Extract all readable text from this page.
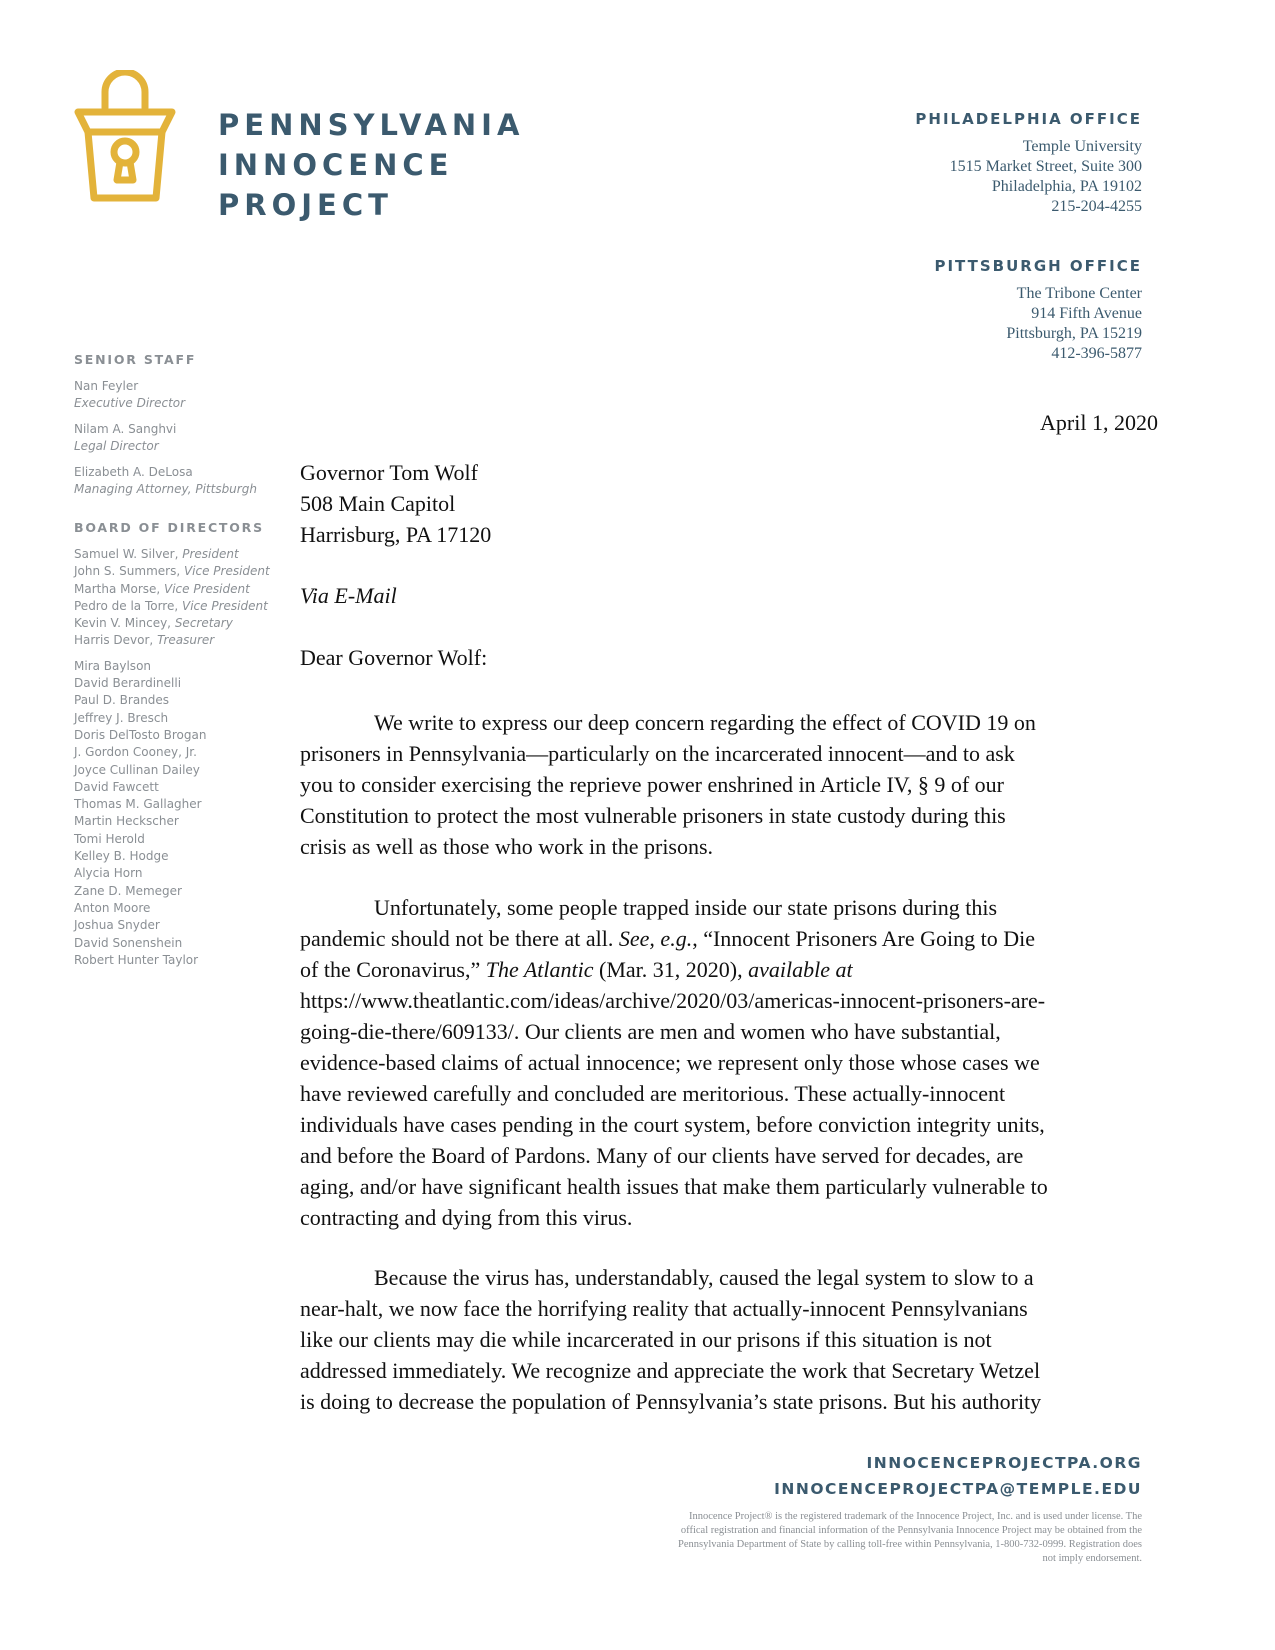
PENNSYLVANIA
INNOCENCE
PROJECT
PHILADELPHIA OFFICE
Temple University
1515 Market Street, Suite 300
Philadelphia, PA 19102
215-204-4255
PITTSBURGH OFFICE
The Tribone Center
914 Fifth Avenue
Pittsburgh, PA 15219
412-396-5877
SENIOR STAFF
Nan Feyler
Executive Director
Nilam A. Sanghvi
Legal Director
Elizabeth A. DeLosa
Managing Attorney, Pittsburgh
BOARD OF DIRECTORS
Samuel W. Silver, President
John S. Summers, Vice President
Martha Morse, Vice President
Pedro de la Torre, Vice President
Kevin V. Mincey, Secretary
Harris Devor, Treasurer
Mira Baylson
David Berardinelli
Paul D. Brandes
Jeffrey J. Bresch
Doris DelTosto Brogan
J. Gordon Cooney, Jr.
Joyce Cullinan Dailey
David Fawcett
Thomas M. Gallagher
Martin Heckscher
Tomi Herold
Kelley B. Hodge
Alycia Horn
Zane D. Memeger
Anton Moore
Joshua Snyder
David Sonenshein
Robert Hunter Taylor
April 1, 2020
Governor Tom Wolf
508 Main Capitol
Harrisburg, PA 17120
Via E-Mail
Dear Governor Wolf:
We write to express our deep concern regarding the effect of COVID 19 on
prisoners in Pennsylvania—particularly on the incarcerated innocent—and to ask
you to consider exercising the reprieve power enshrined in Article IV, § 9 of our
Constitution to protect the most vulnerable prisoners in state custody during this
crisis as well as those who work in the prisons.
Unfortunately, some people trapped inside our state prisons during this
pandemic should not be there at all. See, e.g., “Innocent Prisoners Are Going to Die
of the Coronavirus,” The Atlantic (Mar. 31, 2020), available at
https://www.theatlantic.com/ideas/archive/2020/03/americas-innocent-prisoners-are-
going-die-there/609133/. Our clients are men and women who have substantial,
evidence-based claims of actual innocence; we represent only those whose cases we
have reviewed carefully and concluded are meritorious. These actually-innocent
individuals have cases pending in the court system, before conviction integrity units,
and before the Board of Pardons. Many of our clients have served for decades, are
aging, and/or have significant health issues that make them particularly vulnerable to
contracting and dying from this virus.
Because the virus has, understandably, caused the legal system to slow to a
near-halt, we now face the horrifying reality that actually-innocent Pennsylvanians
like our clients may die while incarcerated in our prisons if this situation is not
addressed immediately. We recognize and appreciate the work that Secretary Wetzel
is doing to decrease the population of Pennsylvania’s state prisons. But his authority
INNOCENCEPROJECTPA.ORG
INNOCENCEPROJECTPA@TEMPLE.EDU
Innocence Project® is the registered trademark of the Innocence Project, Inc. and is used under license. The offical registration and financial information of the Pennsylvania Innocence Project may be obtained from the Pennsylvania Department of State by calling toll-free within Pennsylvania, 1-800-732-0999. Registration does not imply endorsement.
